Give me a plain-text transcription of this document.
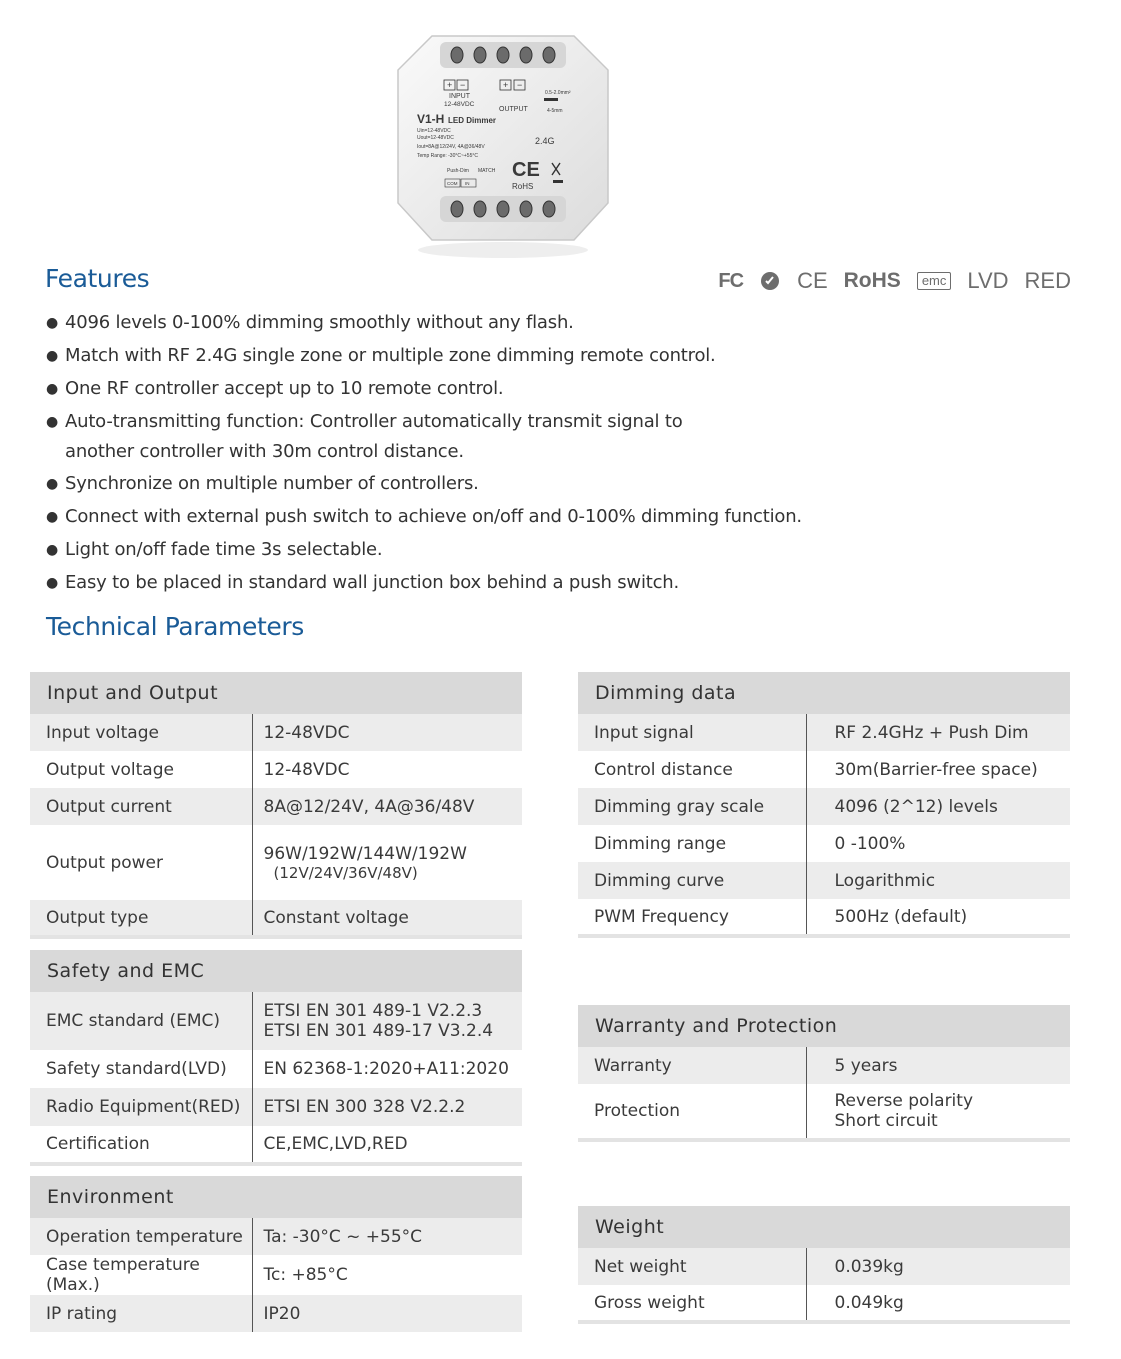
+ −
INPUT
12-48VDC
+ −
OUTPUT
0.5-2.0mm²
4-5mm
V1-H LED Dimmer
2.4G
Uin=12-48VDC
Uout=12-48VDC
Iout=8A@12/24V, 4A@36/48V
Temp Range: -30°C~+55°C
Push-Dim MATCH
COM IN
CE
RoHS
Features	FC CE RoHS	emc LVD RED
● 4096 levels 0-100% dimming smoothly without any flash.
● Match with RF 2.4G single zone or multiple zone dimming remote control.
● One RF controller accept up to 10 remote control.
● Auto-transmitting function: Controller automatically transmit signal to another controller with 30m control distance.
● Synchronize on multiple number of controllers.
● Connect with external push switch to achieve on/off and 0-100% dimming function.
● Light on/off fade time 3s selectable.
● Easy to be placed in standard wall junction box behind a push switch.
Technical Parameters
Input and Output	
Input voltage	12-48VDC
Output voltage	12-48VDC
Output current	8A@12/24V, 4A@36/48V
Output power	96W/192W/144W/192W
(12V/24V/36V/48V)

Output type	Constant voltage
Safety and EMC	
EMC standard (EMC)	ETSI EN 301 489-1 V2.2.3
ETSI EN 301 489-17 V3.2.4

Safety standard(LVD)	EN 62368-1:2020+A11:2020
Radio Equipment(RED)	ETSI EN 300 328 V2.2.2
Certification	CE,EMC,LVD,RED
Environment	
Operation temperature	Ta: -30°C ~ +55°C
Case temperature (Max.)	Tc: +85°C
IP rating	IP20
Dimming data	
Input signal	RF 2.4GHz + Push Dim
Control distance	30m(Barrier-free space)
Dimming gray scale	4096 (2^12) levels
Dimming range	0 -100%
Dimming curve	Logarithmic
PWM Frequency	500Hz (default)
Warranty and Protection	
Warranty	5 years
Protection	Reverse polarity
Short circuit
Weight	
Net weight	0.039kg
Gross weight	0.049kg
